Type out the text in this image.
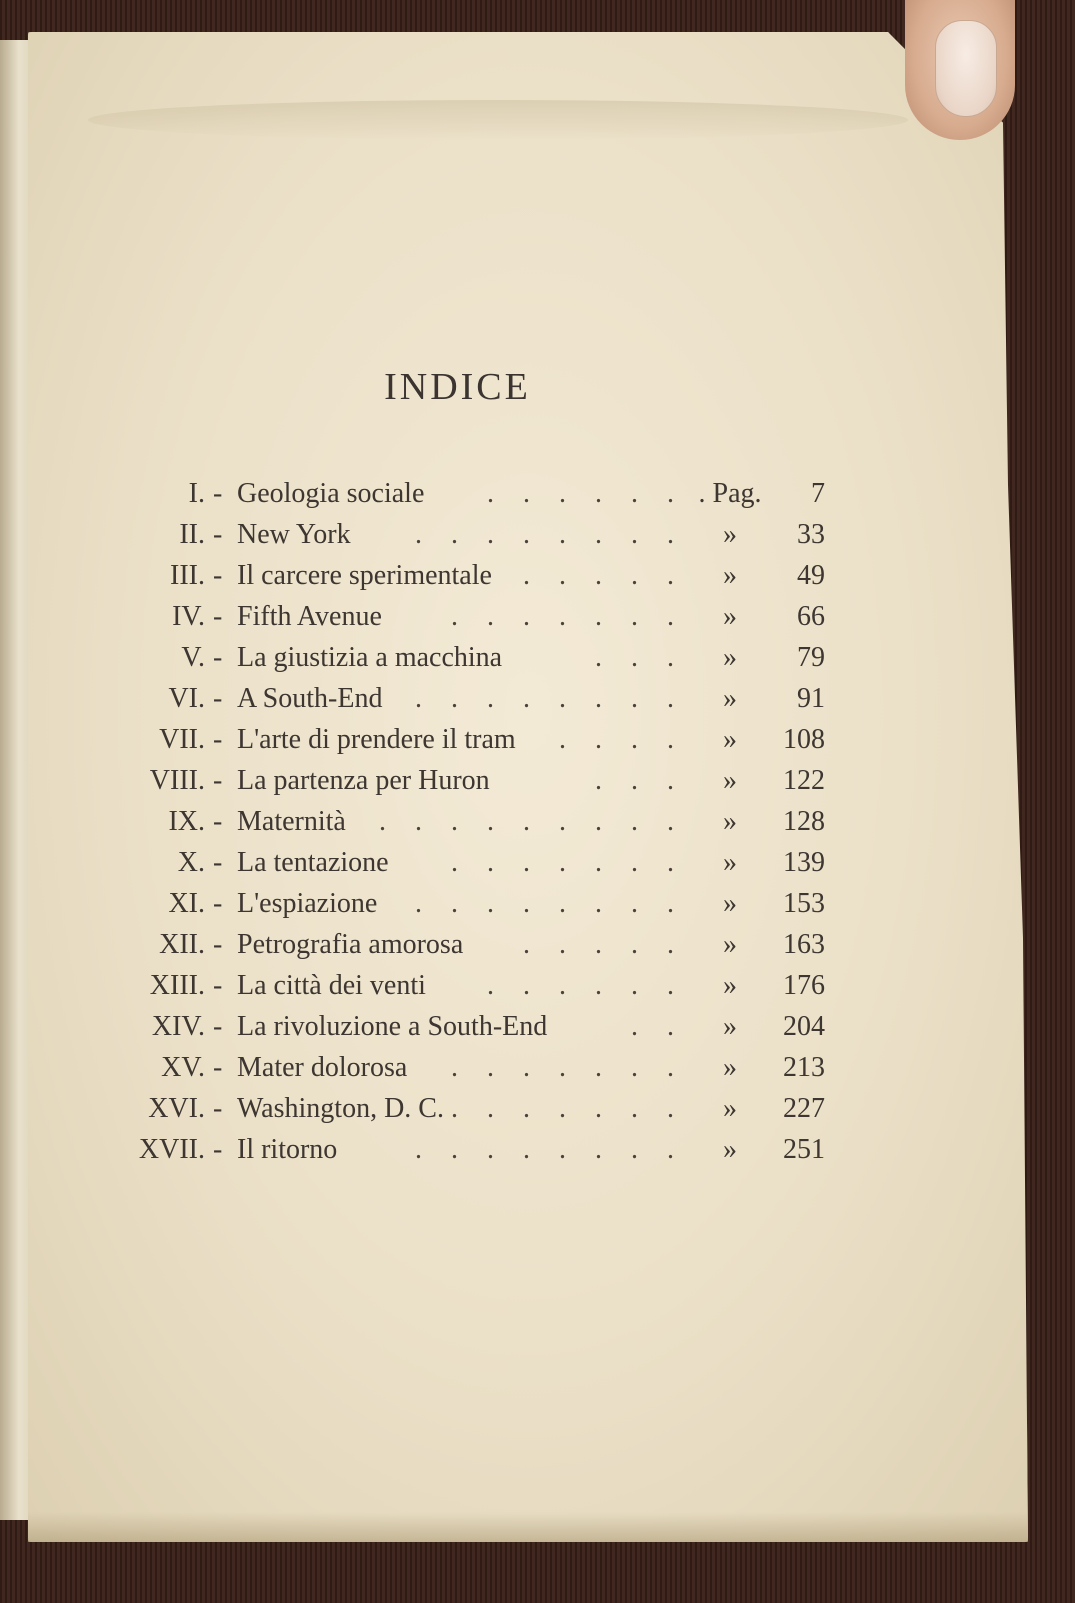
INDICE
I. - Geologia sociale . . . . . . . Pag.	7
II. - New York . . . . . . . .	»	33
III. - Il carcere sperimentale . . . . .	»	49
IV. - Fifth Avenue . . . . . . .	»	66
V. - La giustizia a macchina	. . .	»	79
VI. - A South-End . . . . . . . .	»	91
VII. - L'arte di prendere il tram . . . .	»	108
VIII. - La partenza per Huron	. . .	»	122
IX. - Maternità . . . . . . . . .	»	128
X. - La tentazione . . . . . . .	»	139
XI. - L'espiazione . . . . . . . .	»	153
XII. - Petrografia amorosa . . . . .	»	163
XIII. - La città dei venti . . . . . .	»	176
XIV. - La rivoluzione a South-End	. .	»	204
XV. - Mater dolorosa . . . . . . .	»	213
XVI. - Washington, D. C. . . . . . . .	»	227
XVII. - Il ritorno	. . . . . . . .	»	251
